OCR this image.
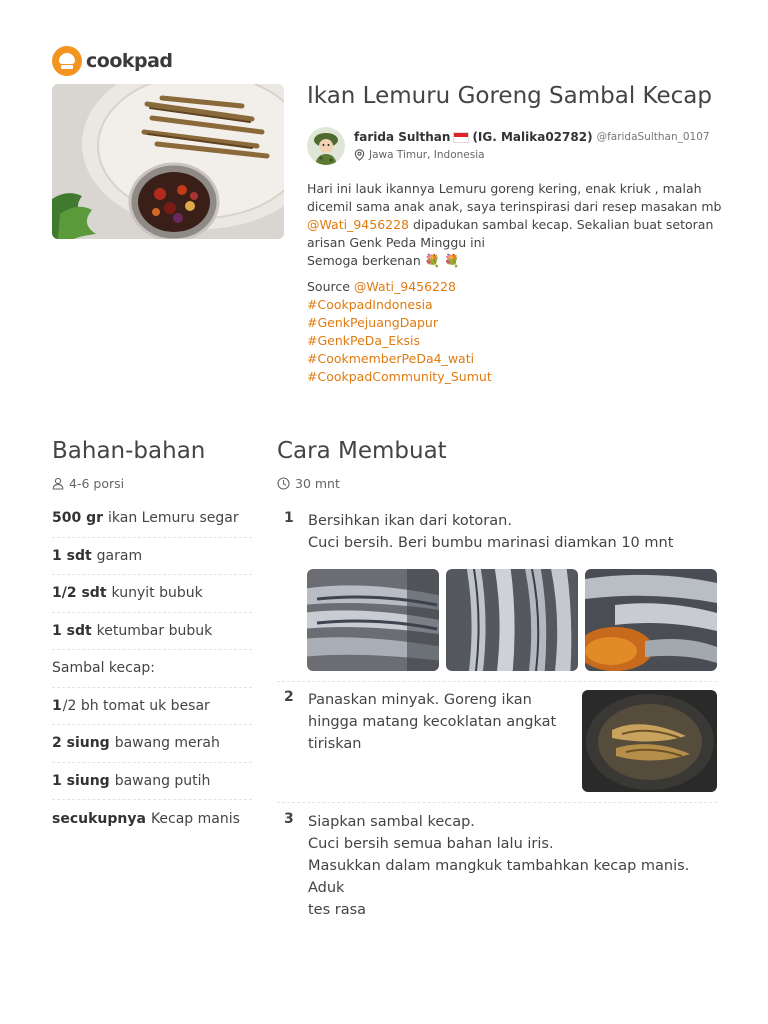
cookpad
Ikan Lemuru Goreng Sambal Kecap
farida Sulthan (IG. Malika02782) @faridaSulthan_0107
Jawa Timur, Indonesia

Hari ini lauk ikannya Lemuru goreng kering, enak kriuk , malah dicemil sama anak anak, saya terinspirasi dari resep masakan mb @Wati_9456228 dipadukan sambal kecap. Sekalian buat setoran arisan Genk Peda Minggu ini

Semoga berkenan 💐 💐

Source @Wati_9456228

#CookpadIndonesia

#GenkPejuangDapur

#GenkPeDa_Eksis

#CookmemberPeDa4_wati

#CookpadCommunity_Sumut

Bahan-bahan
4-6 porsi
500 gr ikan Lemuru segar
1 sdt garam
1/2 sdt kunyit bubuk
1 sdt ketumbar bubuk
Sambal kecap:
1 /2 bh tomat uk besar
2 siung bawang merah
1 siung bawang putih
secukupnya Kecap manis
Cara Membuat
30 mnt
1 Bersihkan ikan dari kotoran.
Cuci bersih. Beri bumbu marinasi diamkan 10 mnt
2 Panaskan minyak. Goreng ikan
hingga matang kecoklatan angkat
tiriskan
3 Siapkan sambal kecap.
Cuci bersih semua bahan lalu iris.
Masukkan dalam mangkuk tambahkan kecap manis. Aduk
tes rasa
